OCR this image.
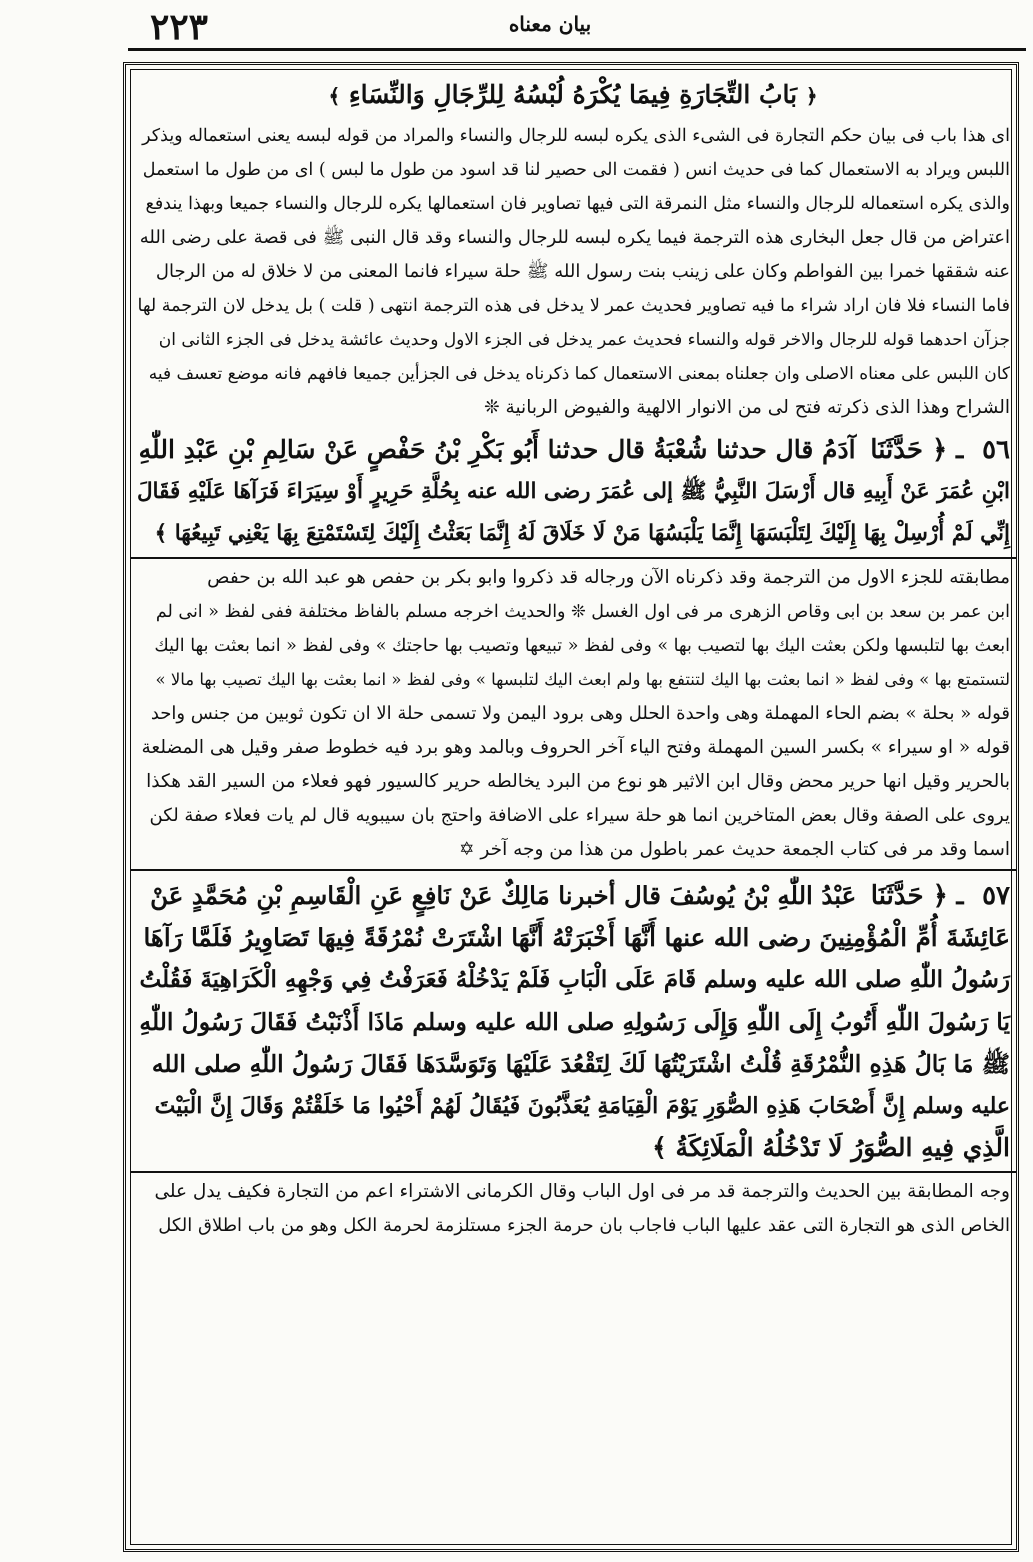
٢٢٣	بیان معناه
﴿ بَابُ التِّجَارَةِ فِيمَا يُكْرَهُ لُبْسُهُ لِلرِّجَالِ وَالنِّسَاءِ ﴾

اى هذا باب فى بيان حكم التجارة فى الشىء الذى يكره لبسه للرجال والنساء والمراد من قوله لبسه يعنى استعماله ويذكر

اللبس ويراد به الاستعمال كما فى حديث انس ( فقمت الى حصير لنا قد اسود من طول ما لبس ) اى من طول ما استعمل

والذى يكره استعماله للرجال والنساء مثل النمرقة التى فيها تصاوير فان استعمالها يكره للرجال والنساء جميعا وبهذا يندفع

اعتراض من قال جعل البخارى هذه الترجمة فيما يكره لبسه للرجال والنساء وقد قال النبى ﷺ فى قصة على رضى الله

عنه شققها خمرا بين الفواطم وكان على زينب بنت رسول الله ﷺ حلة سيراء فانما المعنى من لا خلاق له من الرجال

فاما النساء فلا فان اراد شراء ما فيه تصاوير فحديث عمر لا يدخل فى هذه الترجمة انتهى ( قلت ) بل يدخل لان الترجمة لها

جزآن احدهما قوله للرجال والاخر قوله والنساء فحديث عمر يدخل فى الجزء الاول وحديث عائشة يدخل فى الجزء الثانى ان

كان اللبس على معناه الاصلى وان جعلناه بمعنى الاستعمال كما ذكرناه يدخل فى الجزأين جميعا فافهم فانه موضع تعسف فيه

الشراح وهذا الذى ذكرته فتح لى من الانوار الالهية والفيوض الربانية ❊

٥٦ ـ ﴿ حَدَّثَنَا آدَمُ قال حدثنا شُعْبَةُ قال حدثنا أَبُو بَكْرِ بْنُ حَفْصٍ عَنْ سَالِمِ بْنِ عَبْدِ اللّٰهِ

ابْنِ عُمَرَ عَنْ أَبِيهِ قال أَرْسَلَ النَّبِيُّ ﷺ إلى عُمَرَ رضى الله عنه بِحُلَّةِ حَرِيرٍ أَوْ سِيَرَاءَ فَرَآهَا عَلَيْهِ فَقَالَ

إِنِّي لَمْ أُرْسِلْ بِهَا إِلَيْكَ لِتَلْبَسَهَا إِنَّمَا يَلْبَسُهَا مَنْ لَا خَلَاقَ لَهُ إِنَّمَا بَعَثْتُ إِلَيْكَ لِتَسْتَمْتِعَ بِهَا يَعْنِي تَبِيعُهَا ﴾

مطابقته للجزء الاول من الترجمة وقد ذكرناه الآن ورجاله قد ذكروا وابو بكر بن حفص هو عبد الله بن حفص

ابن عمر بن سعد بن ابى وقاص الزهرى مر فى اول الغسل ❊ والحديث اخرجه مسلم بالفاظ مختلفة ففى لفظ « انى لم

ابعث بها لتلبسها ولكن بعثت اليك بها لتصيب بها » وفى لفظ « تبيعها وتصيب بها حاجتك » وفى لفظ « انما بعثت بها اليك

لتستمتع بها » وفى لفظ « انما بعثت بها اليك لتنتفع بها ولم ابعث اليك لتلبسها » وفى لفظ « انما بعثت بها اليك تصيب بها مالا »

قوله « بحلة » بضم الحاء المهملة وهى واحدة الحلل وهى برود اليمن ولا تسمى حلة الا ان تكون ثوبين من جنس واحد

قوله « او سيراء » بكسر السين المهملة وفتح الياء آخر الحروف وبالمد وهو برد فيه خطوط صفر وقيل هى المضلعة

بالحرير وقيل انها حرير محض وقال ابن الاثير هو نوع من البرد يخالطه حرير كالسيور فهو فعلاء من السير القد هكذا

يروى على الصفة وقال بعض المتاخرين انما هو حلة سيراء على الاضافة واحتج بان سيبويه قال لم يات فعلاء صفة لكن

اسما وقد مر فى كتاب الجمعة حديث عمر باطول من هذا من وجه آخر ✡

٥٧ ـ ﴿ حَدَّثَنَا عَبْدُ اللّٰهِ بْنُ يُوسُفَ قال أخبرنا مَالِكٌ عَنْ نَافِعٍ عَنِ الْقَاسِمِ بْنِ مُحَمَّدٍ عَنْ

عَائِشَةَ أُمِّ الْمُؤْمِنِينَ رضى الله عنها أَنَّهَا أَخْبَرَتْهُ أَنَّهَا اشْتَرَتْ نُمْرُقَةً فِيهَا تَصَاوِيرُ فَلَمَّا رَآهَا

رَسُولُ اللّٰهِ صلى الله عليه وسلم قَامَ عَلَى الْبَابِ فَلَمْ يَدْخُلْهُ فَعَرَفْتُ فِي وَجْهِهِ الْكَرَاهِيَةَ فَقُلْتُ

يَا رَسُولَ اللّٰهِ أَتُوبُ إِلَى اللّٰهِ وَإِلَى رَسُولِهِ صلى الله عليه وسلم مَاذَا أَذْنَبْتُ فَقَالَ رَسُولُ اللّٰهِ

ﷺ مَا بَالُ هَذِهِ النُّمْرُقَةِ قُلْتُ اشْتَرَيْتُهَا لَكَ لِتَقْعُدَ عَلَيْهَا وَتَوَسَّدَهَا فَقَالَ رَسُولُ اللّٰهِ صلى الله

عليه وسلم إِنَّ أَصْحَابَ هَذِهِ الصُّوَرِ يَوْمَ الْقِيَامَةِ يُعَذَّبُونَ فَيُقَالُ لَهُمْ أَحْيُوا مَا خَلَقْتُمْ وَقَالَ إِنَّ الْبَيْتَ

الَّذِي فِيهِ الصُّوَرُ لَا تَدْخُلُهُ الْمَلَائِكَةُ ﴾

وجه المطابقة بين الحديث والترجمة قد مر فى اول الباب وقال الكرمانى الاشتراء اعم من التجارة فكيف يدل على

الخاص الذى هو التجارة التى عقد عليها الباب فاجاب بان حرمة الجزء مستلزمة لحرمة الكل وهو من باب اطلاق الكل
